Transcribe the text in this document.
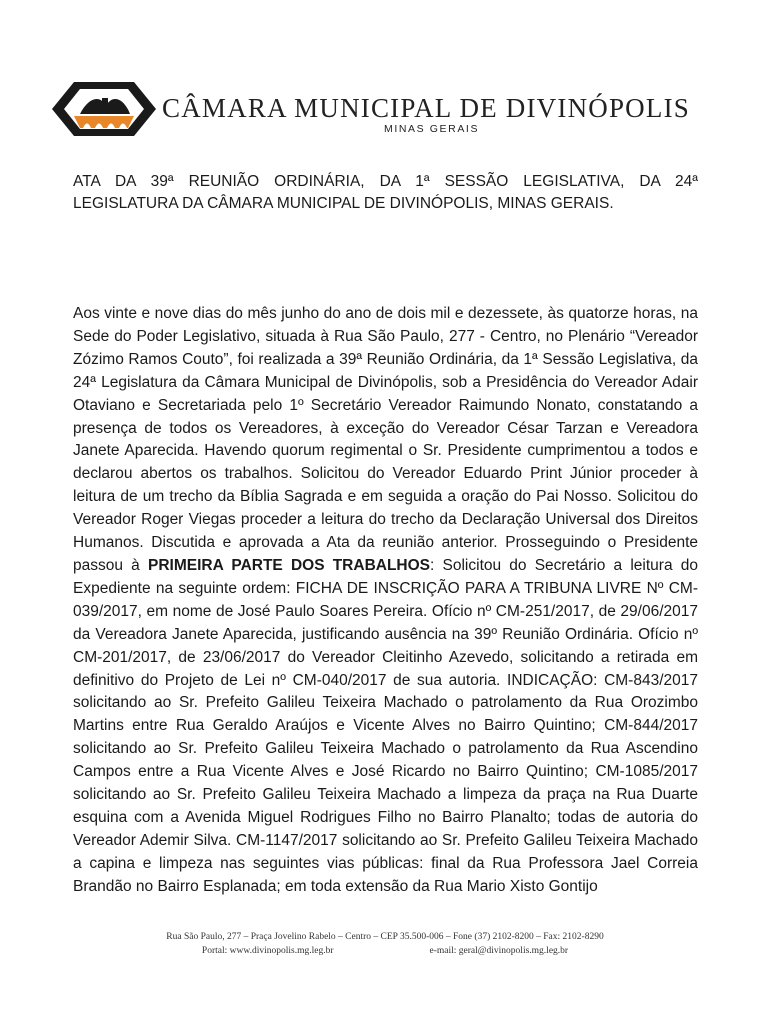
CÂMARA MUNICIPAL DE DIVINÓPOLIS
MINAS GERAIS
ATA DA 39ª REUNIÃO ORDINÁRIA, DA 1ª SESSÃO LEGISLATIVA, DA 24ª LEGISLATURA DA CÂMARA MUNICIPAL DE DIVINÓPOLIS, MINAS GERAIS.
Aos vinte e nove dias do mês junho do ano de dois mil e dezessete, às quatorze horas, na Sede do Poder Legislativo, situada à Rua São Paulo, 277 - Centro, no Plenário “Vereador Zózimo Ramos Couto”, foi realizada a 39ª Reunião Ordinária, da 1ª Sessão Legislativa, da 24ª Legislatura da Câmara Municipal de Divinópolis, sob a Presidência do Vereador Adair Otaviano e Secretariada pelo 1º Secretário Vereador Raimundo Nonato, constatando a presença de todos os Vereadores, à exceção do Vereador César Tarzan e Vereadora Janete Aparecida. Havendo quorum regimental o Sr. Presidente cumprimentou a todos e declarou abertos os trabalhos. Solicitou do Vereador Eduardo Print Júnior proceder à leitura de um trecho da Bíblia Sagrada e em seguida a oração do Pai Nosso. Solicitou do Vereador Roger Viegas proceder a leitura do trecho da Declaração Universal dos Direitos Humanos. Discutida e aprovada a Ata da reunião anterior. Prosseguindo o Presidente passou à PRIMEIRA PARTE DOS TRABALHOS: Solicitou do Secretário a leitura do Expediente na seguinte ordem: FICHA DE INSCRIÇÃO PARA A TRIBUNA LIVRE Nº CM-039/2017, em nome de José Paulo Soares Pereira. Ofício nº CM-251/2017, de 29/06/2017 da Vereadora Janete Aparecida, justificando ausência na 39º Reunião Ordinária. Ofício nº CM-201/2017, de 23/06/2017 do Vereador Cleitinho Azevedo, solicitando a retirada em definitivo do Projeto de Lei nº CM-040/2017 de sua autoria. INDICAÇÃO: CM-843/2017 solicitando ao Sr. Prefeito Galileu Teixeira Machado o patrolamento da Rua Orozimbo Martins entre Rua Geraldo Araújos e Vicente Alves no Bairro Quintino; CM-844/2017 solicitando ao Sr. Prefeito Galileu Teixeira Machado o patrolamento da Rua Ascendino Campos entre a Rua Vicente Alves e José Ricardo no Bairro Quintino; CM-1085/2017 solicitando ao Sr. Prefeito Galileu Teixeira Machado a limpeza da praça na Rua Duarte esquina com a Avenida Miguel Rodrigues Filho no Bairro Planalto; todas de autoria do Vereador Ademir Silva. CM-1147/2017 solicitando ao Sr. Prefeito Galileu Teixeira Machado a capina e limpeza nas seguintes vias públicas: final da Rua Professora Jael Correia Brandão no Bairro Esplanada; em toda extensão da Rua Mario Xisto Gontijo
Rua São Paulo, 277 – Praça Jovelino Rabelo – Centro – CEP 35.500-006 – Fone (37) 2102-8200 – Fax: 2102-8290
Portal: www.divinopolis.mg.leg.br	e-mail: geral@divinopolis.mg.leg.br
